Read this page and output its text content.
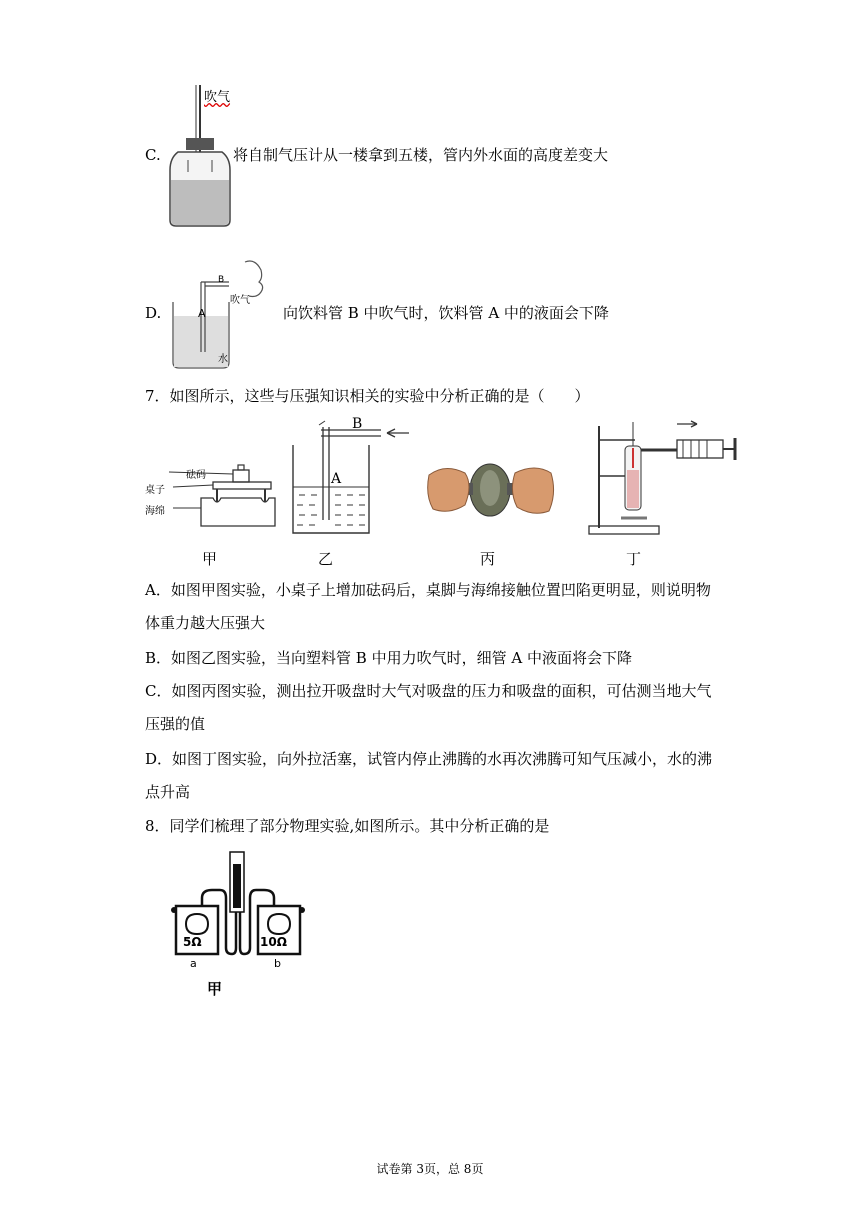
C.
吹气
将自制气压计从一楼拿到五楼，管内外水面的高度差变大
D.
B
A
吹气
水
向饮料管 B 中吹气时，饮料管 A 中的液面会下降
7．如图所示，这些与压强知识相关的实验中分析正确的是（　　）
砝码
桌子
海绵
甲
B
A
乙	丙	丁
A．如图甲图实验，小桌子上增加砝码后，桌脚与海绵接触位置凹陷更明显，则说明物
体重力越大压强大
B．如图乙图实验，当向塑料管 B 中用力吹气时，细管 A 中液面将会下降
C．如图丙图实验，测出拉开吸盘时大气对吸盘的压力和吸盘的面积，可估测当地大气
压强的值
D．如图丁图实验，向外拉活塞，试管内停止沸腾的水再次沸腾可知气压减小，水的沸
点升高
8．同学们梳理了部分物理实验,如图所示。其中分析正确的是
5Ω	10Ω
a	b
甲
试卷第 3页，总 8页
